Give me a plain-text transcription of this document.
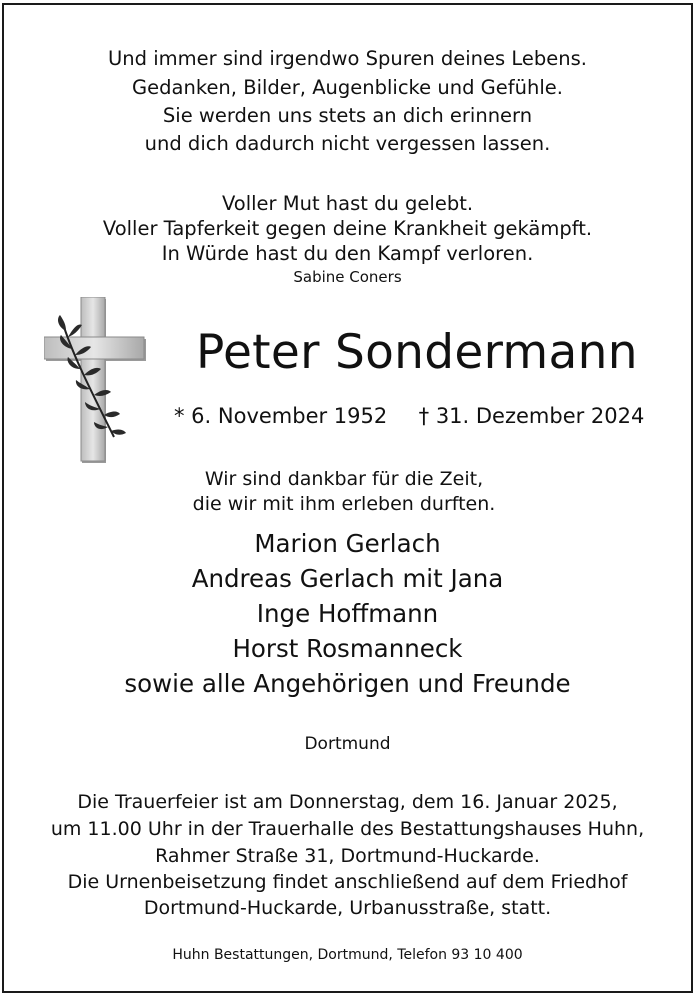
Und immer sind irgendwo Spuren deines Lebens.
Gedanken, Bilder, Augenblicke und Gefühle.
Sie werden uns stets an dich erinnern
und dich dadurch nicht vergessen lassen.
Voller Mut hast du gelebt.
Voller Tapferkeit gegen deine Krankheit gekämpft.
In Würde hast du den Kampf verloren.
Sabine Coners
Peter Sondermann
* 6. November 1952 † 31. Dezember 2024
Wir sind dankbar für die Zeit,
die wir mit ihm erleben durften.
Marion Gerlach
Andreas Gerlach mit Jana
Inge Hoffmann
Horst Rosmanneck
sowie alle Angehörigen und Freunde
Dortmund
Die Trauerfeier ist am Donnerstag, dem 16. Januar 2025,
um 11.00 Uhr in der Trauerhalle des Bestattungshauses Huhn,
Rahmer Straße 31, Dortmund-Huckarde.
Die Urnenbeisetzung findet anschließend auf dem Friedhof
Dortmund-Huckarde, Urbanusstraße, statt.
Huhn Bestattungen, Dortmund, Telefon 93 10 400
